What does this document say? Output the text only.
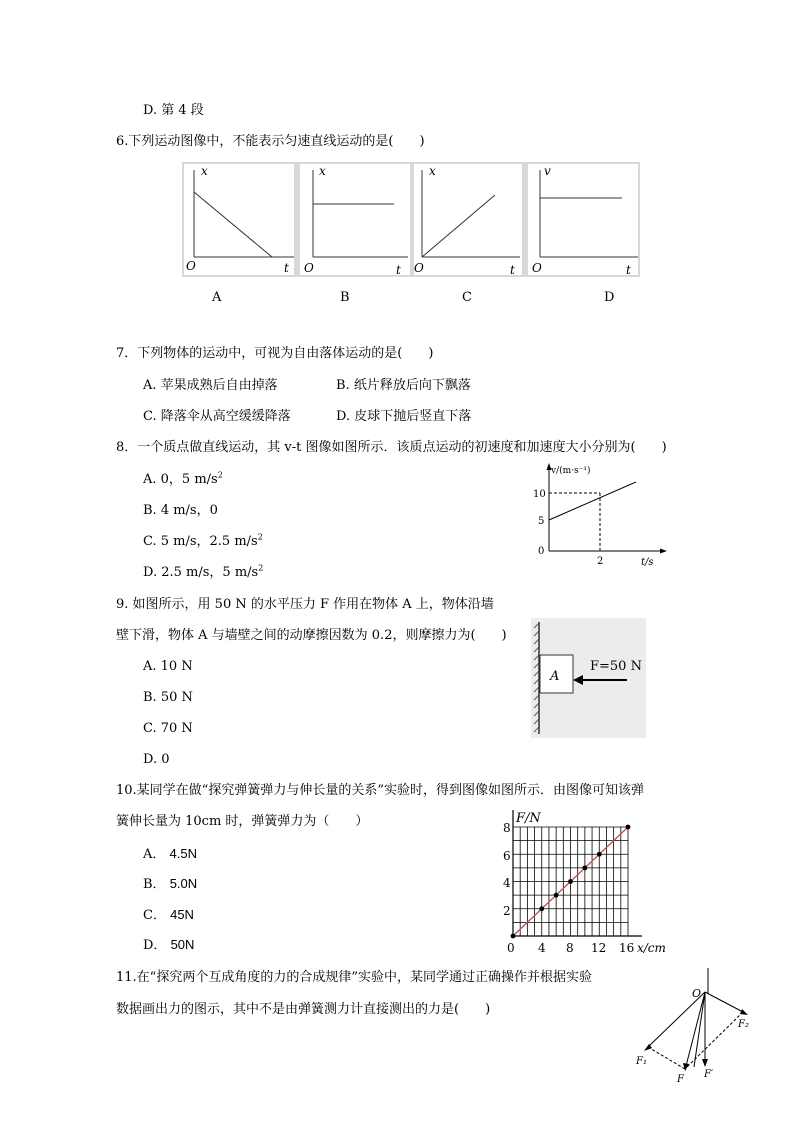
D. 第 4 段
6.下列运动图像中，不能表示匀速直线运动的是(　　)
x
O	t
x
O	t
x
O	t
v
O	t
A	B	C	D
7．下列物体的运动中，可视为自由落体运动的是(　　)
A. 苹果成熟后自由掉落	B. 纸片释放后向下飘落
C. 降落伞从高空缓缓降落	D. 皮球下抛后竖直下落
8．一个质点做直线运动，其 v-t 图像如图所示．该质点运动的初速度和加速度大小分别为(　　)
A. 0，5 $m/s^2$
B. 4 m/s，0
C. 5 m/s，2.5 $m/s^2$
D. 2.5 m/s，5 $m/s^2$
v/(m·s⁻¹)
10
5
0
2	t/s
9. 如图所示，用 50 N 的水平压力 F 作用在物体 A 上，物体沿墙
壁下滑，物体 A 与墙壁之间的动摩擦因数为 0.2，则摩擦力为(　　)
A. 10 N
B. 50 N
C. 70 N
D. 0
A
F=50 N
10.某同学在做“探究弹簧弹力与伸长量的关系”实验时，得到图像如图所示．由图像可知该弹
簧伸长量为 10cm 时，弹簧弹力为（　　）
A． 4.5N
B． 5.0N
C． 45N
D． 50N
F/N
8
6
4
2
0 4 8 12 16 x/cm
11.在“探究两个互成角度的力的合成规律”实验中，某同学通过正确操作并根据实验
数据画出力的图示，其中不是由弹簧测力计直接测出的力是(　　)
O
F₁
F₂
F F′
